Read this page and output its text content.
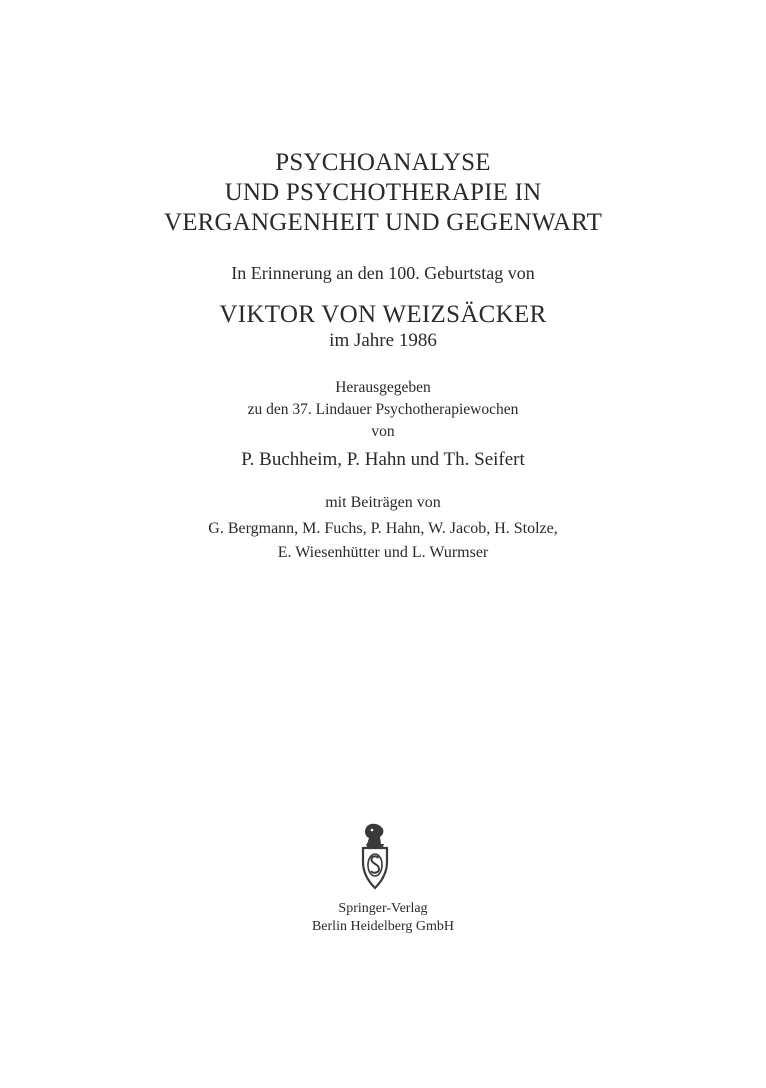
PSYCHOANALYSE
UND PSYCHOTHERAPIE IN
VERGANGENHEIT UND GEGENWART
In Erinnerung an den 100. Geburtstag von
VIKTOR VON WEIZSÄCKER
im Jahre 1986
Herausgegeben
zu den 37. Lindauer Psychotherapiewochen
von
P. Buchheim, P. Hahn und Th. Seifert
mit Beiträgen von
G. Bergmann, M. Fuchs, P. Hahn, W. Jacob, H. Stolze,
E. Wiesenhütter und L. Wurmser
Springer-Verlag
Berlin Heidelberg GmbH
